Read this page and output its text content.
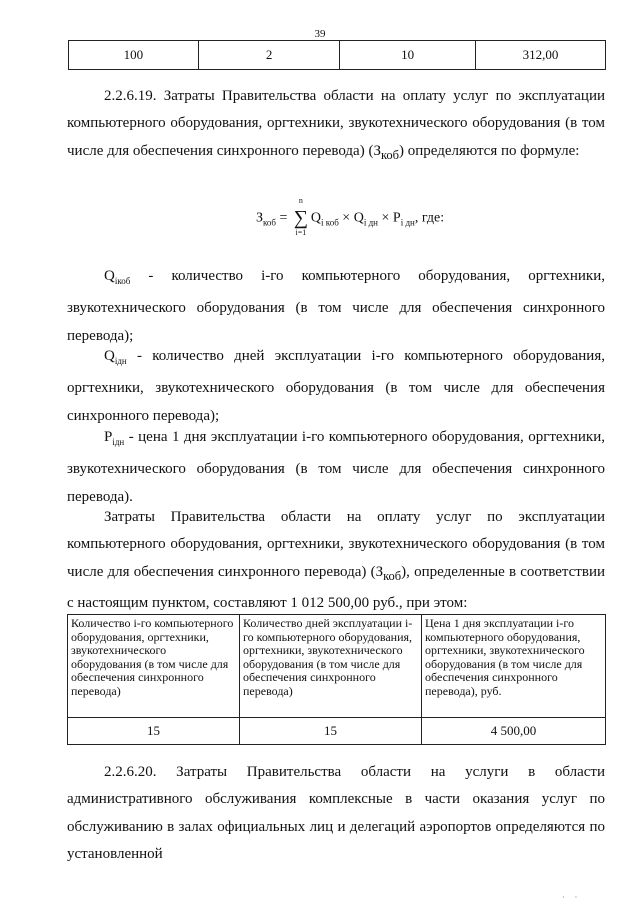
39
100	2	10	312,00
2.2.6.19. Затраты Правительства области на оплату услуг по эксплуатации компьютерного оборудования, оргтехники, звукотехнического оборудования (в том числе для обеспечения синхронного перевода) $(З_{коб})$ определяются по формуле:
$З_{коб}$ =
n
∑
i=1
$Q_{i коб} \times Q_{i дн} \times P_{i дн}$, где:
$Q_{iкоб}$ - количество i-го компьютерного оборудования, оргтехники, звукотехнического оборудования (в том числе для обеспечения синхронного перевода);
$Q_{iдн}$ - количество дней эксплуатации i-го компьютерного оборудования, оргтехники, звукотехнического оборудования (в том числе для обеспечения синхронного перевода);
$P_{iдн}$ - цена 1 дня эксплуатации i-го компьютерного оборудования, оргтехники, звукотехнического оборудования (в том числе для обеспечения синхронного перевода).
Затраты Правительства области на оплату услуг по эксплуатации компьютерного оборудования, оргтехники, звукотехнического оборудования (в том числе для обеспечения синхронного перевода) $(З_{коб})$, определенные в соответствии с настоящим пунктом, составляют 1 012 500,00 руб., при этом:
Количество i-го компьютерного оборудования, оргтехники, звукотехнического оборудования (в том числе для обеспечения синхронного перевода)	Количество дней эксплуатации i-го компьютерного оборудования, оргтехники, звукотехнического оборудования (в том числе для обеспечения синхронного перевода)	Цена 1 дня эксплуатации i-го компьютерного оборудования, оргтехники, звукотехнического оборудования (в том числе для обеспечения синхронного перевода), руб.
15	15	4 500,00
2.2.6.20. Затраты Правительства области на услуги в области административного обслуживания комплексные в части оказания услуг по обслуживанию в залах официальных лиц и делегаций аэропортов определяются по установленной
· ·
